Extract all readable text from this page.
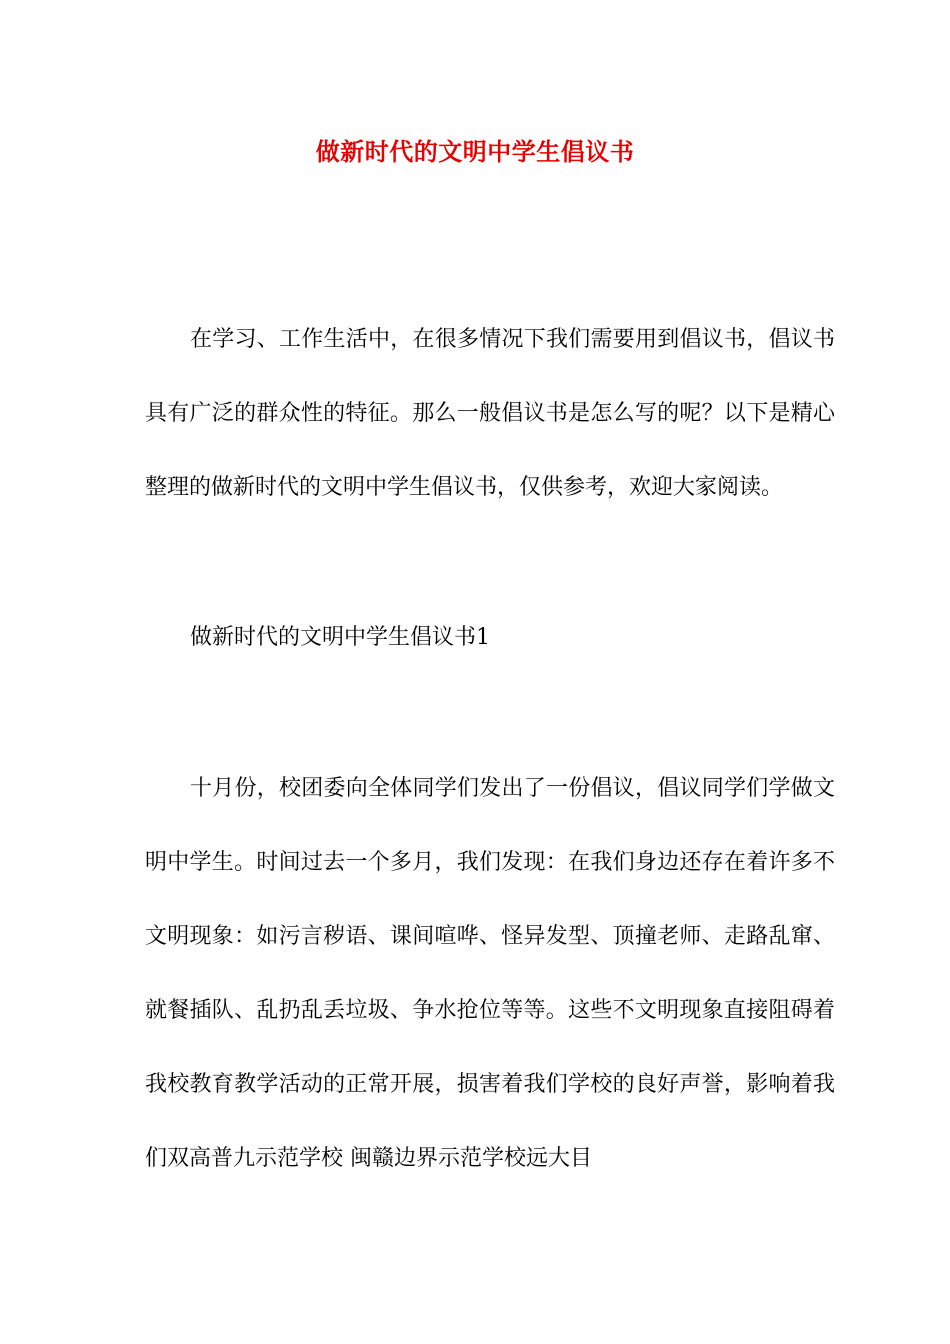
做新时代的文明中学生倡议书

在学习、工作生活中，在很多情况下我们需要用到倡议书，倡议书具有广泛的群众性的特征。那么一般倡议书是怎么写的呢？以下是精心整理的做新时代的文明中学生倡议书，仅供参考，欢迎大家阅读。

做新时代的文明中学生倡议书1

十月份，校团委向全体同学们发出了一份倡议，倡议同学们学做文明中学生。时间过去一个多月，我们发现：在我们身边还存在着许多不文明现象：如污言秽语、课间喧哗、怪异发型、顶撞老师、走路乱窜、就餐插队、乱扔乱丢垃圾、争水抢位等等。这些不文明现象直接阻碍着我校教育教学活动的正常开展，损害着我们学校的良好声誉，影响着我们双高普九示范学校 闽赣边界示范学校远大目
